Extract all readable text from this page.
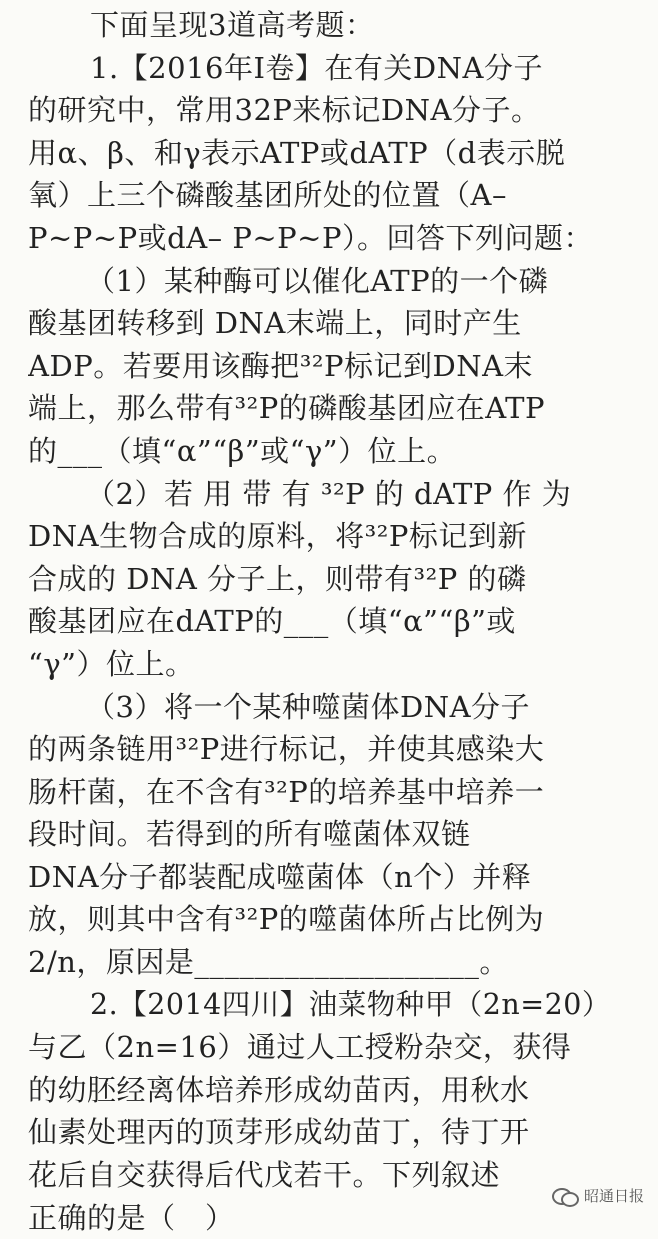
下面呈现3道高考题：
1.【2016年Ⅰ卷】在有关DNA分子
的研究中，常用32P来标记DNA分子。
用α、β、和γ表示ATP或dATP（d表示脱
氧）上三个磷酸基团所处的位置（A–
P~P~P或dA– P~P~P）。回答下列问题：
（1）某种酶可以催化ATP的一个磷
酸基团转移到 DNA末端上，同时产生
ADP。若要用该酶把³²P标记到DNA末
端上，那么带有³²P的磷酸基团应在ATP
的___（填“α”“β”或“γ”）位上。
（2）若 用 带 有 ³²P 的 dATP 作 为
DNA生物合成的原料，将³²P标记到新
合成的 DNA 分子上，则带有³²P 的磷
酸基团应在dATP的___（填“α”“β”或
“γ”）位上。
（3）将一个某种噬菌体DNA分子
的两条链用³²P进行标记，并使其感染大
肠杆菌，在不含有³²P的培养基中培养一
段时间。若得到的所有噬菌体双链
DNA分子都装配成噬菌体（n个）并释
放，则其中含有³²P的噬菌体所占比例为
2/n，原因是___________________。
2.【2014四川】油菜物种甲（2n=20）
与乙（2n=16）通过人工授粉杂交，获得
的幼胚经离体培养形成幼苗丙，用秋水
仙素处理丙的顶芽形成幼苗丁，待丁开
花后自交获得后代戊若干。下列叙述
正确的是（　）
昭通日报
